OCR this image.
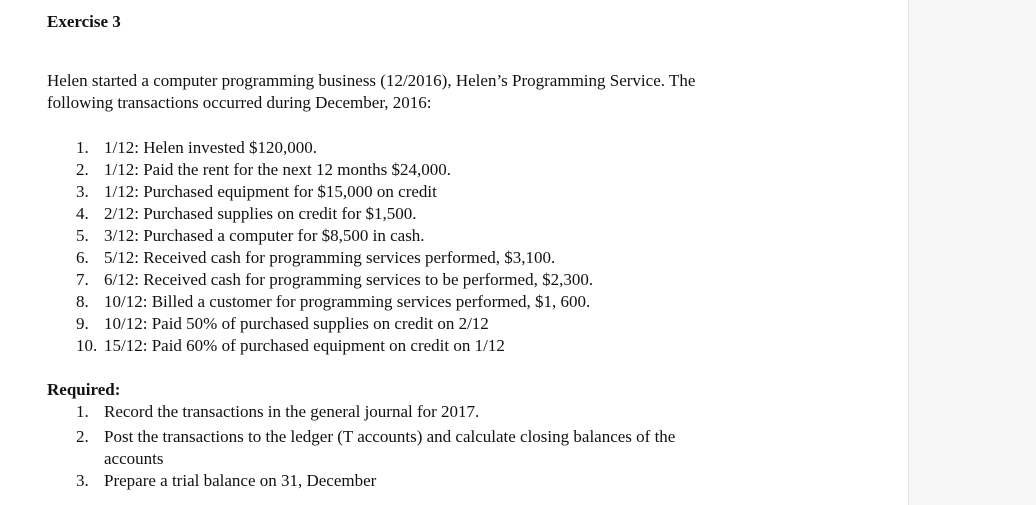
Exercise 3

Helen started a computer programming business (12/2016), Helen’s Programming Service. The
following transactions occurred during December, 2016:
1. 1/12: Helen invested $120,000.
2. 1/12: Paid the rent for the next 12 months $24,000.
3. 1/12: Purchased equipment for $15,000 on credit
4. 2/12: Purchased supplies on credit for $1,500.
5. 3/12: Purchased a computer for $8,500 in cash.
6. 5/12: Received cash for programming services performed, $3,100.
7. 6/12: Received cash for programming services to be performed, $2,300.
8. 10/12: Billed a customer for programming services performed, $1, 600.
9. 10/12: Paid 50% of purchased supplies on credit on 2/12
10. 15/12: Paid 60% of purchased equipment on credit on 1/12

Required:

1. Record the transactions in the general journal for 2017.
2. Post the transactions to the ledger (T accounts) and calculate closing balances of the
accounts
3. Prepare a trial balance on 31, December
